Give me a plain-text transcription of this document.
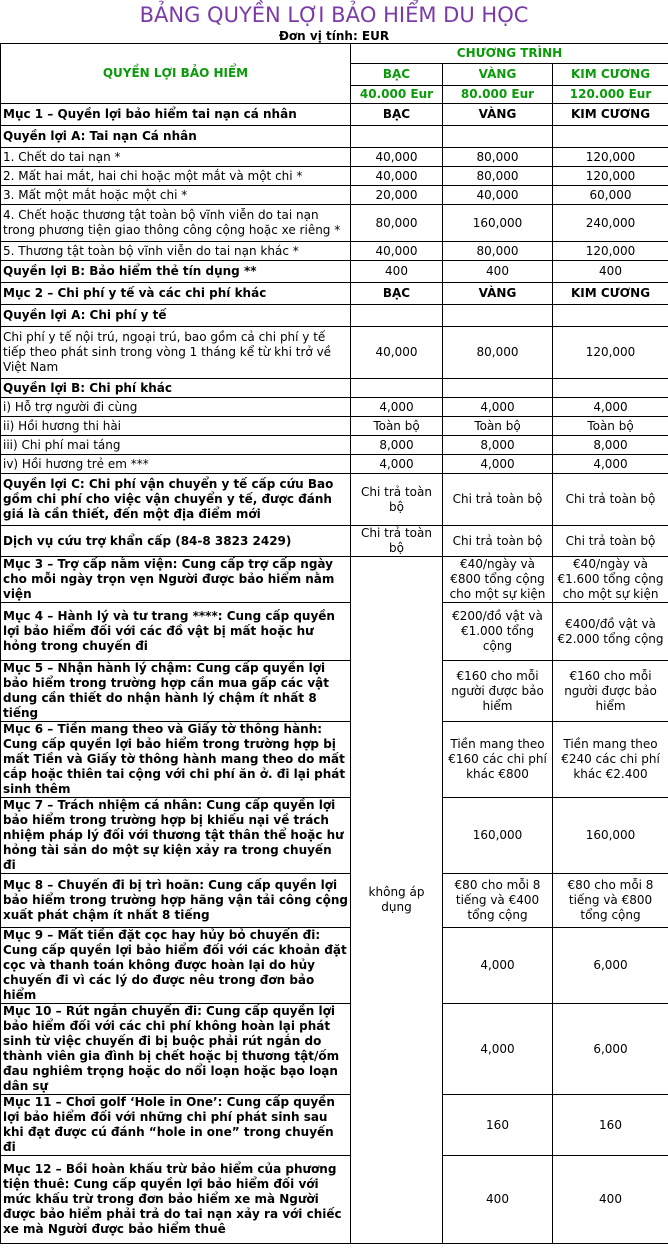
BẢNG QUYỀN LỢI BẢO HIỂM DU HỌC
Đơn vị tính: EUR
QUYỀN LỢI BẢO HIỂM	CHƯƠNG TRÌNH		
	BẠC	VÀNG	KIM CƯƠNG
	40.000 Eur	80.000 Eur	120.000 Eur
Mục 1 – Quyền lợi bảo hiểm tai nạn cá nhân	BẠC	VÀNG	KIM CƯƠNG
Quyền lợi A: Tai nạn Cá nhân			
1. Chết do tai nạn *	40,000	80,000	120,000
2. Mất hai mắt, hai chi hoặc một mắt và một chi *	40,000	80,000	120,000
3. Mất một mắt hoặc một chi *	20,000	40,000	60,000
4. Chết hoặc thương tật toàn bộ vĩnh viễn do tai nạn trong phương tiện giao thông công cộng hoặc xe riêng *	80,000	160,000	240,000
5. Thương tật toàn bộ vĩnh viễn do tai nạn khác *	40,000	80,000	120,000
Quyền lợi B: Bảo hiểm thẻ tín dụng **	400	400	400
Mục 2 – Chi phí y tế và các chi phí khác	BẠC	VÀNG	KIM CƯƠNG
Quyền lợi A: Chi phí y tế			
Chi phí y tế nội trú, ngoại trú, bao gồm cả chi phí y tế tiếp theo phát sinh trong vòng 1 tháng kể từ khi trở về Việt Nam	40,000	80,000	120,000
Quyền lợi B: Chi phí khác			
i) Hỗ trợ người đi cùng	4,000	4,000	4,000
ii) Hồi hương thi hài	Toàn bộ	Toàn bộ	Toàn bộ
iii) Chi phí mai táng	8,000	8,000	8,000
iv) Hồi hương trẻ em ***	4,000	4,000	4,000
Quyền lợi C: Chi phí vận chuyển y tế cấp cứu Bao gồm chi phí cho việc vận chuyển y tế, được đánh giá là cần thiết, đến một địa điểm mới	Chi trả toàn bộ	Chi trả toàn bộ	Chi trả toàn bộ
Dịch vụ cứu trợ khẩn cấp (84-8 3823 2429)	Chi trả toàn bộ	Chi trả toàn bộ	Chi trả toàn bộ
Mục 3 – Trợ cấp nằm viện: Cung cấp trợ cấp ngày cho mỗi ngày trọn vẹn Người được bảo hiểm nằm viện	không áp dụng	€40/ngày và €800 tổng cộng cho một sự kiện	€40/ngày và €1.600 tổng cộng cho một sự kiện
Mục 4 – Hành lý và tư trang ****: Cung cấp quyền lợi bảo hiểm đối với các đồ vật bị mất hoặc hư hỏng trong chuyến đi		€200/đồ vật và €1.000 tổng cộng	€400/đồ vật và €2.000 tổng cộng
Mục 5 – Nhận hành lý chậm: Cung cấp quyền lợi bảo hiểm trong trường hợp cần mua gấp các vật dung cần thiết do nhận hành lý chậm ít nhất 8 tiếng		€160 cho mỗi người được bảo hiểm	€160 cho mỗi người được bảo hiểm
Mục 6 – Tiền mang theo và Giấy tờ thông hành: Cung cấp quyền lợi bảo hiểm trong trường hợp bị mất Tiền và Giấy tờ thông hành mang theo do mất cắp hoặc thiên tai cộng với chi phí ăn ở. đi lại phát sinh thêm		Tiền mang theo €160 các chi phí khác €800	Tiền mang theo €240 các chi phí khác €2.400
Mục 7 – Trách nhiệm cá nhân: Cung cấp quyền lợi bảo hiểm trong trường hợp bị khiếu nại về trách nhiệm pháp lý đối với thương tật thân thể hoặc hư hỏng tài sản do một sự kiện xảy ra trong chuyến đi		160,000	160,000
Mục 8 – Chuyến đi bị trì hoãn: Cung cấp quyền lợi bảo hiểm trong trường hợp hãng vận tải công cộng xuất phát chậm ít nhất 8 tiếng		€80 cho mỗi 8 tiếng và €400 tổng cộng	€80 cho mỗi 8 tiếng và €800 tổng cộng
Mục 9 – Mất tiền đặt cọc hay hủy bỏ chuyến đi: Cung cấp quyền lợi bảo hiểm đối với các khoản đặt cọc và thanh toán không được hoàn lại do hủy chuyến đi vì các lý do được nêu trong đơn bảo hiểm		4,000	6,000
Mục 10 – Rút ngắn chuyến đi: Cung cấp quyền lợi bảo hiểm đối với các chi phí không hoàn lại phát sinh từ việc chuyến đi bị buộc phải rút ngắn do thành viên gia đình bị chết hoặc bị thương tật/ốm đau nghiêm trọng hoặc do nổi loạn hoặc bạo loạn dân sự		4,000	6,000
Mục 11 – Chơi golf ‘Hole in One’: Cung cấp quyền lợi bảo hiểm đối với những chi phí phát sinh sau khi đạt được cú đánh “hole in one” trong chuyến đi		160	160
Mục 12 – Bồi hoàn khấu trừ bảo hiểm của phương tiện thuê: Cung cấp quyền lợi bảo hiểm đối với mức khấu trừ trong đơn bảo hiểm xe mà Người được bảo hiểm phải trả do tai nạn xảy ra với chiếc xe mà Người được bảo hiểm thuê		400	400
